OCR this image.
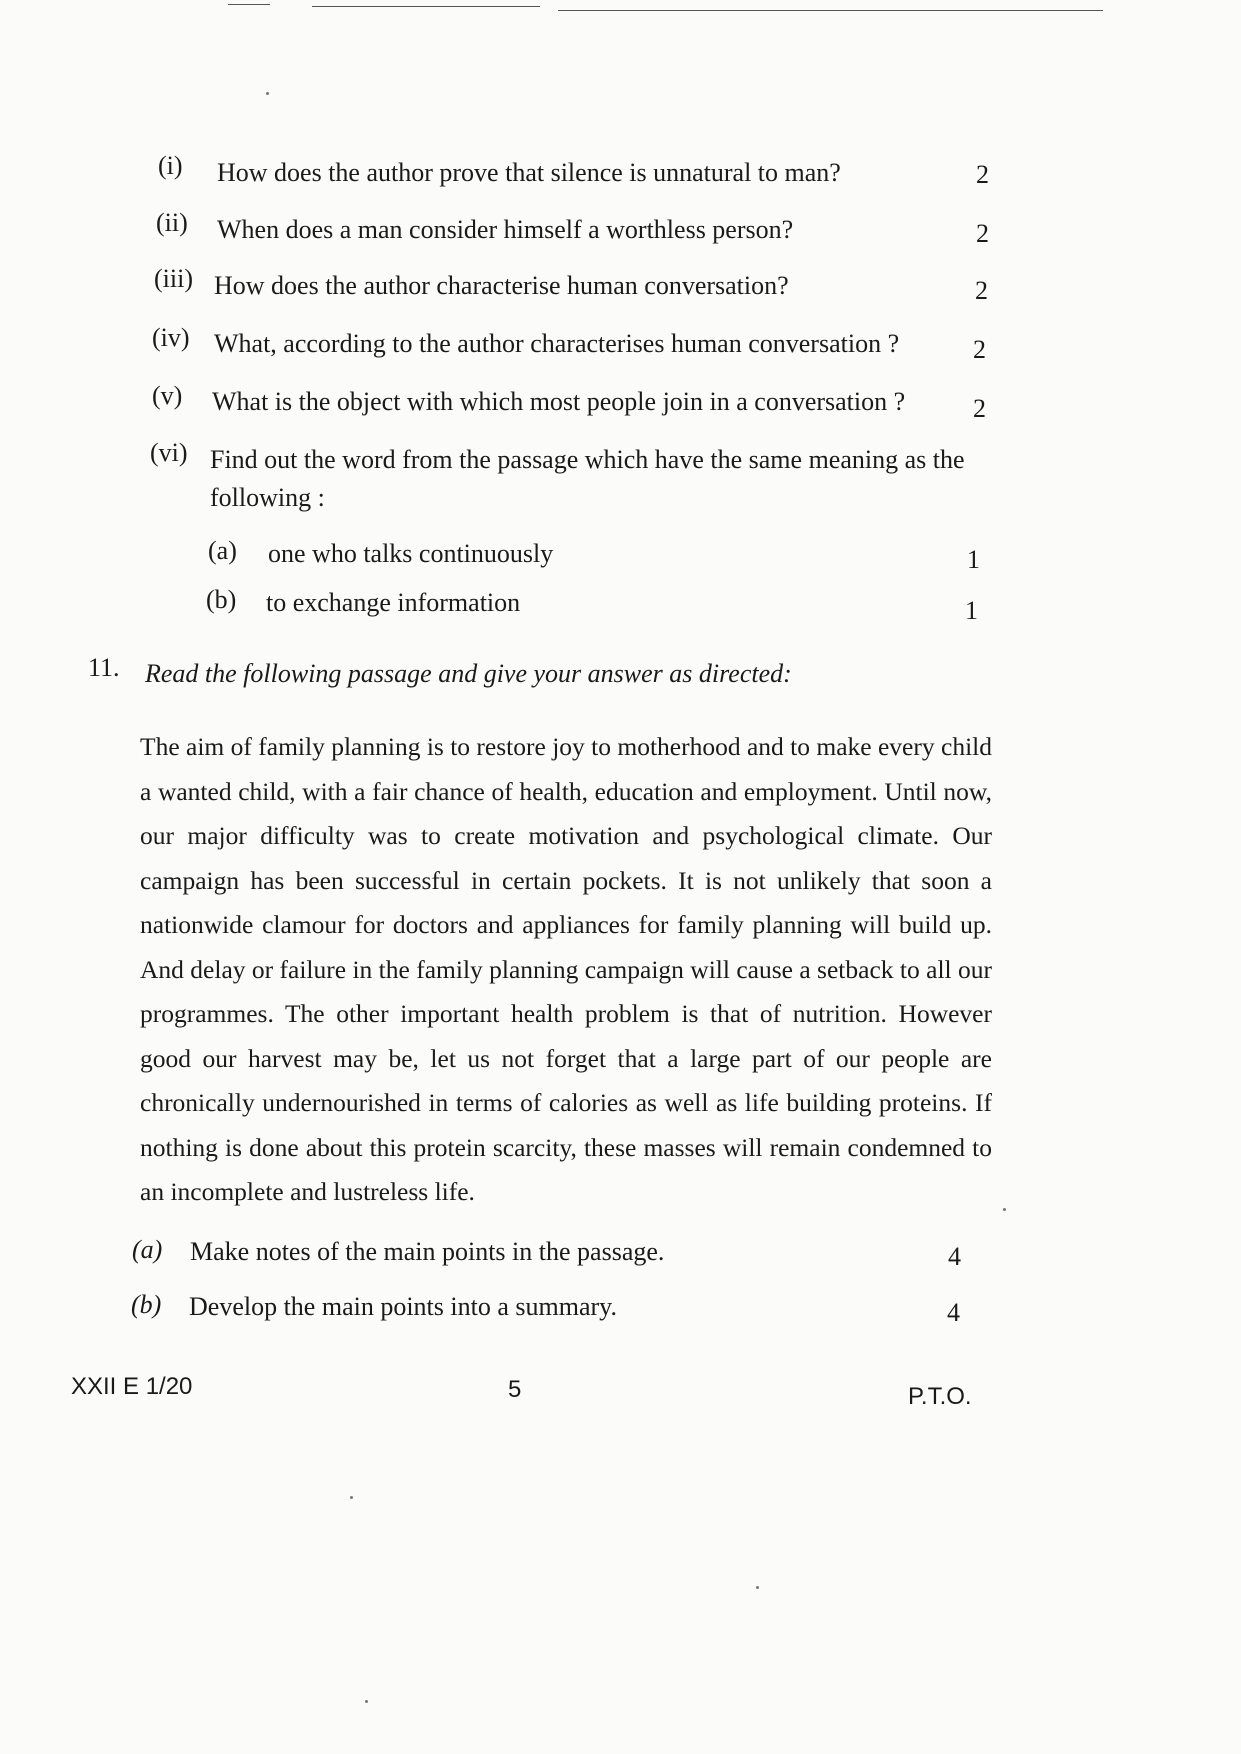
(i) How does the author prove that silence is unnatural to man?	2
(ii) When does a man consider himself a worthless person?	2
(iii) How does the author characterise human conversation?	2
(iv) What, according to the author characterises human conversation ?	2
(v) What is the object with which most people join in a conversation ?	2
(vi) Find out the word from the passage which have the same meaning as the following :
(a) one who talks continuously	1
(b) to exchange information	1
11. Read the following passage and give your answer as directed:
The aim of family planning is to restore joy to motherhood and to make every child a wanted child, with a fair chance of health, education and employment. Until now, our major difficulty was to create motivation and psychological climate. Our campaign has been successful in certain pockets. It is not unlikely that soon a nationwide clamour for doctors and appliances for family planning will build up. And delay or failure in the family planning campaign will cause a setback to all our programmes. The other important health problem is that of nutrition. However good our harvest may be, let us not forget that a large part of our people are chronically undernourished in terms of calories as well as life building proteins. If nothing is done about this protein scarcity, these masses will remain condemned to an incomplete and lustreless life.
(a) Make notes of the main points in the passage.	4
(b) Develop the main points into a summary.	4
XXII E 1/20	5	P.T.O.
